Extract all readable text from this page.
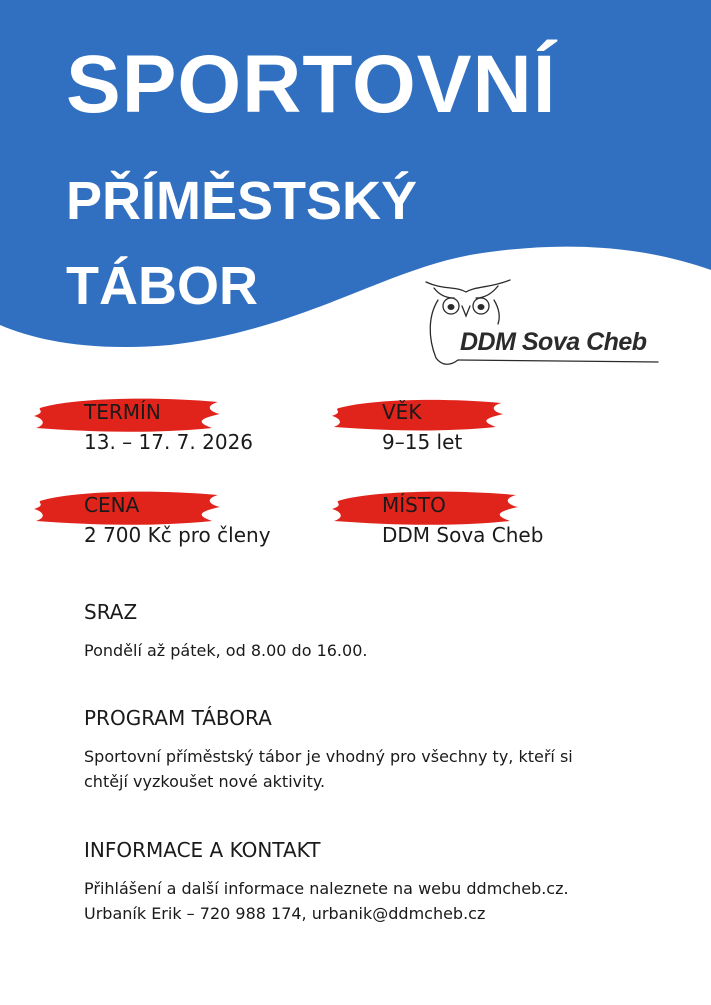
SPORTOVNÍ
PŘÍMĚSTSKÝ
TÁBOR
DDM Sova Cheb
TERMÍN
13. – 17. 7. 2026
VĚK
9–15 let
CENA
2 700 Kč pro členy
MÍSTO
DDM Sova Cheb
SRAZ

Pondělí až pátek, od 8.00 do 16.00.

PROGRAM TÁBORA

Sportovní příměstský tábor je vhodný pro všechny ty, kteří si

chtějí vyzkoušet nové aktivity.

INFORMACE A KONTAKT

Přihlášení a další informace naleznete na webu ddmcheb.cz.

Urbaník Erik – 720 988 174, urbanik@ddmcheb.cz
